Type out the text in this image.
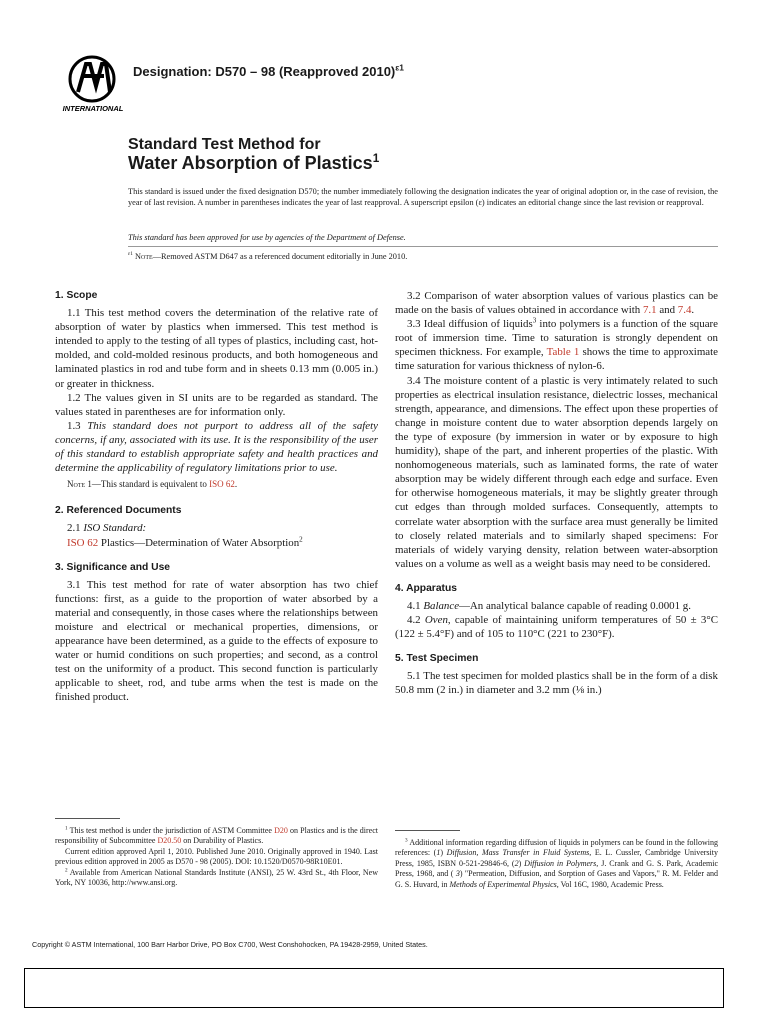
INTERNATIONAL
Designation: D570 – 98 (Reapproved 2010)$^{\varepsilon 1}$
Standard Test Method for
Water Absorption of Plastics$^1$
This standard is issued under the fixed designation D570; the number immediately following the designation indicates the year of original adoption or, in the case of revision, the year of last revision. A number in parentheses indicates the year of last reapproval. A superscript epsilon (ε) indicates an editorial change since the last revision or reapproval.
This standard has been approved for use by agencies of the Department of Defense.
$^{\varepsilon 1}$ Note—Removed ASTM D647 as a referenced document editorially in June 2010.
1. Scope

1.1 This test method covers the determination of the relative rate of absorption of water by plastics when immersed. This test method is intended to apply to the testing of all types of plastics, including cast, hot-molded, and cold-molded resinous products, and both homogeneous and laminated plastics in rod and tube form and in sheets 0.13 mm (0.005 in.) or greater in thickness.

1.2 The values given in SI units are to be regarded as standard. The values stated in parentheses are for information only.

1.3 This standard does not purport to address all of the safety concerns, if any, associated with its use. It is the responsibility of the user of this standard to establish appropriate safety and health practices and determine the applicability of regulatory limitations prior to use.

Note 1—This standard is equivalent to ISO 62.

2. Referenced Documents

2.1 ISO Standard:

ISO 62 Plastics—Determination of Water Absorption$^2$

3. Significance and Use

3.1 This test method for rate of water absorption has two chief functions: first, as a guide to the proportion of water absorbed by a material and consequently, in those cases where the relationships between moisture and electrical or mechanical properties, dimensions, or appearance have been determined, as a guide to the effects of exposure to water or humid conditions on such properties; and second, as a control test on the uniformity of a product. This second function is particularly applicable to sheet, rod, and tube arms when the test is made on the finished product.

3.2 Comparison of water absorption values of various plastics can be made on the basis of values obtained in accordance with 7.1 and 7.4.

3.3 Ideal diffusion of liquids$^3$ into polymers is a function of the square root of immersion time. Time to saturation is strongly dependent on specimen thickness. For example, Table 1 shows the time to approximate time saturation for various thickness of nylon-6.

3.4 The moisture content of a plastic is very intimately related to such properties as electrical insulation resistance, dielectric losses, mechanical strength, appearance, and dimensions. The effect upon these properties of change in moisture content due to water absorption depends largely on the type of exposure (by immersion in water or by exposure to high humidity), shape of the part, and inherent properties of the plastic. With nonhomogeneous materials, such as laminated forms, the rate of water absorption may be widely different through each edge and surface. Even for otherwise homogeneous materials, it may be slightly greater through cut edges than through molded surfaces. Consequently, attempts to correlate water absorption with the surface area must generally be limited to closely related materials and to similarly shaped specimens: For materials of widely varying density, relation between water-absorption values on a volume as well as a weight basis may need to be considered.

4. Apparatus

4.1 Balance—An analytical balance capable of reading 0.0001 g.

4.2 Oven, capable of maintaining uniform temperatures of 50 ± 3°C (122 ± 5.4°F) and of 105 to 110°C (221 to 230°F).

5. Test Specimen

5.1 The test specimen for molded plastics shall be in the form of a disk 50.8 mm (2 in.) in diameter and 3.2 mm (⅛ in.)

$^1$ This test method is under the jurisdiction of ASTM Committee D20 on Plastics and is the direct responsibility of Subcommittee D20.50 on Durability of Plastics.

Current edition approved April 1, 2010. Published June 2010. Originally approved in 1940. Last previous edition approved in 2005 as D570 - 98 (2005). DOI: 10.1520/D0570-98R10E01.

$^2$ Available from American National Standards Institute (ANSI), 25 W. 43rd St., 4th Floor, New York, NY 10036, http://www.ansi.org.

$^3$ Additional information regarding diffusion of liquids in polymers can be found in the following references: (1) Diffusion, Mass Transfer in Fluid Systems, E. L. Cussler, Cambridge University Press, 1985, ISBN 0-521-29846-6, (2) Diffusion in Polymers, J. Crank and G. S. Park, Academic Press, 1968, and ( 3) "Permeation, Diffusion, and Sorption of Gases and Vapors," R. M. Felder and G. S. Huvard, in Methods of Experimental Physics, Vol 16C, 1980, Academic Press.

Copyright © ASTM International, 100 Barr Harbor Drive, PO Box C700, West Conshohocken, PA 19428-2959, United States.
